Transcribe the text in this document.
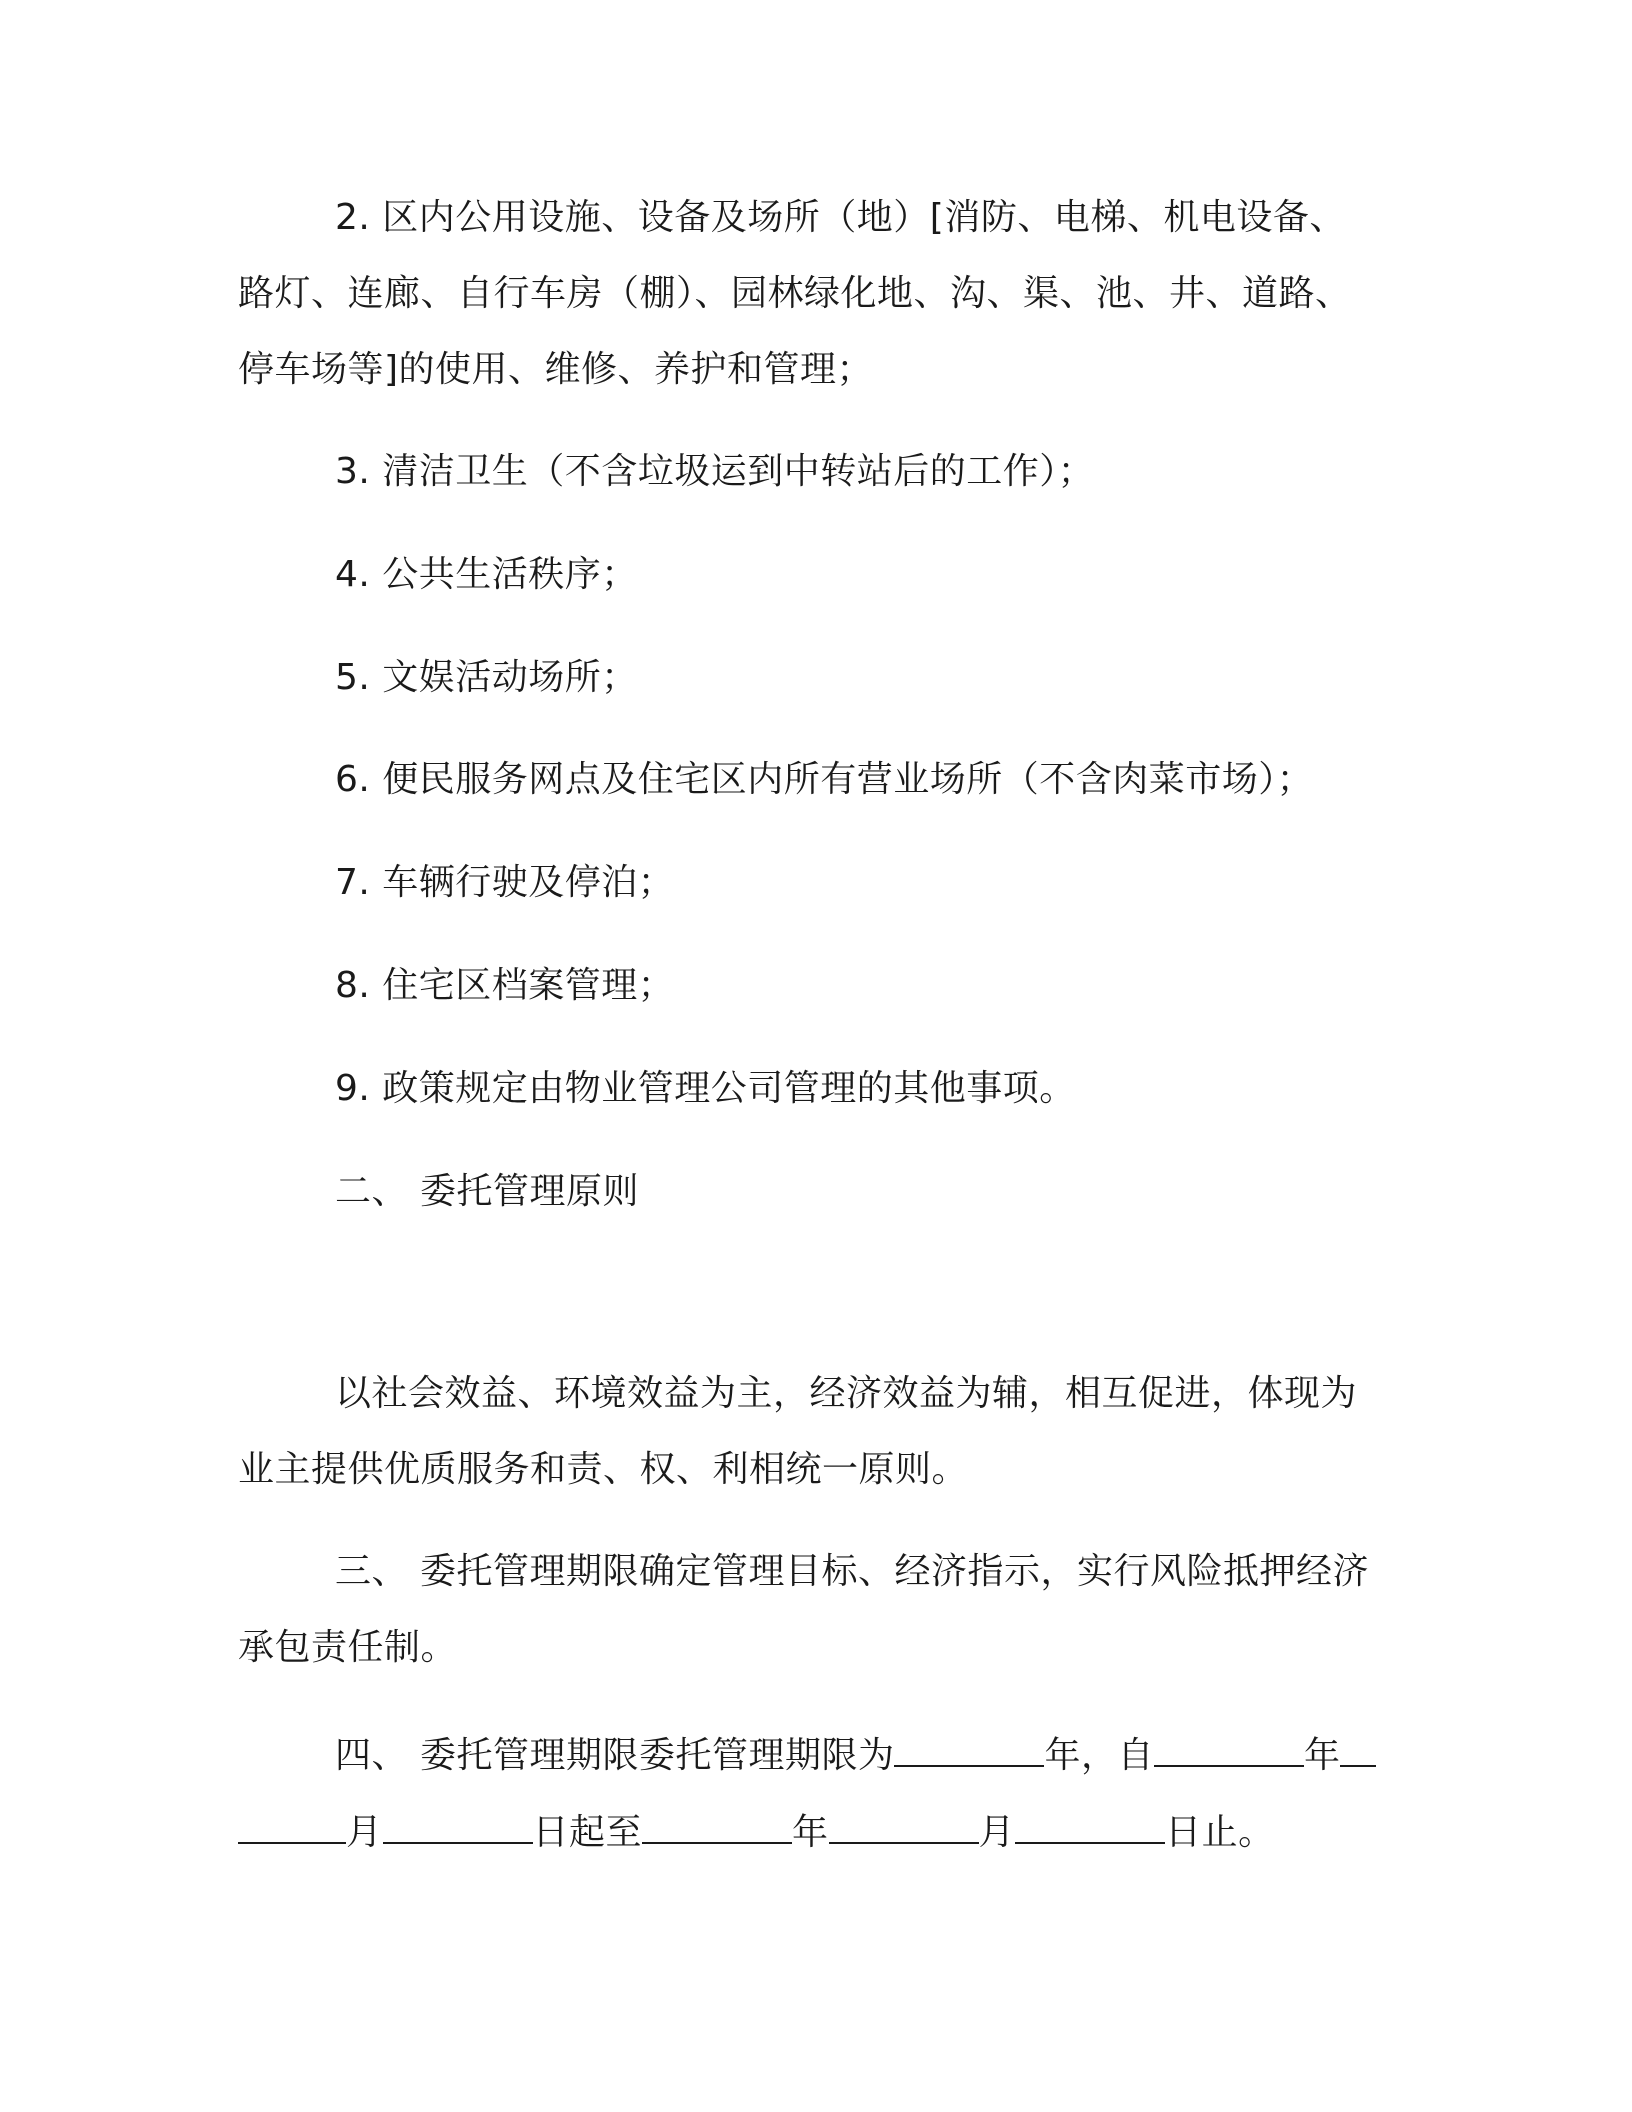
2. 区内公用设施、设备及场所（地）[消防、电梯、机电设备、
路灯、连廊、自行车房（棚）、园林绿化地、沟、渠、池、井、道路、
停车场等]的使用、维修、养护和管理；
3. 清洁卫生（不含垃圾运到中转站后的工作）；
4. 公共生活秩序；
5. 文娱活动场所；
6. 便民服务网点及住宅区内所有营业场所（不含肉菜市场）；
7. 车辆行驶及停泊；
8. 住宅区档案管理；
9. 政策规定由物业管理公司管理的其他事项。
二、 委托管理原则
以社会效益、环境效益为主，经济效益为辅，相互促进，体现为
业主提供优质服务和责、权、利相统一原则。
三、 委托管理期限确定管理目标、经济指示，实行风险抵押经济
承包责任制。
四、 委托管理期限委托管理期限为	年，自	年
月	日起至	年	月	日止。
